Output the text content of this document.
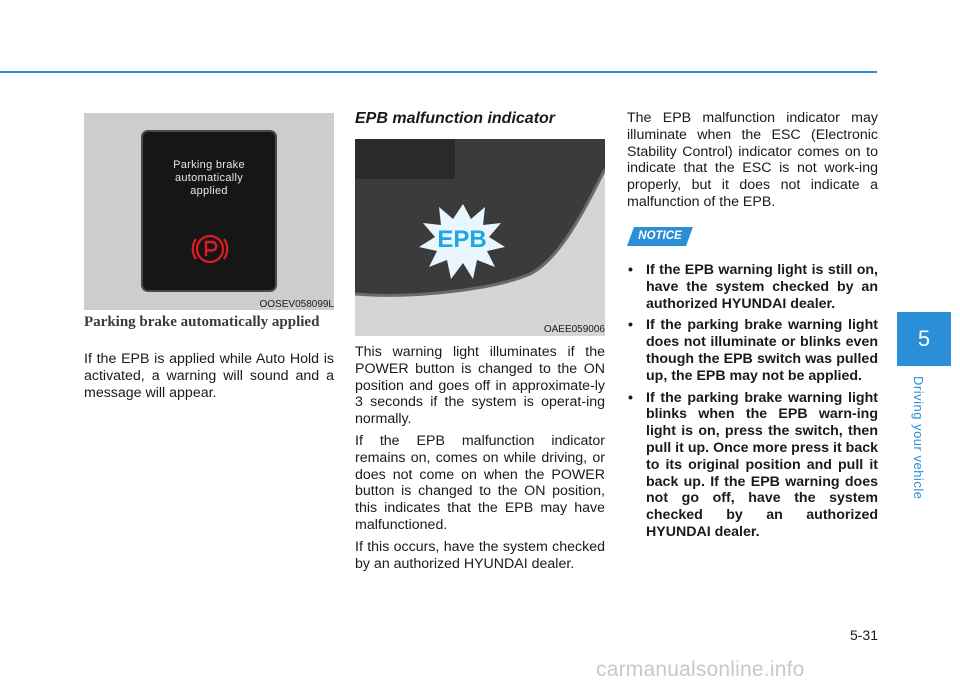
Parking brake
automatically
applied
OOSEV058099L
Parking brake automatically applied

If the EPB is applied while Auto Hold is activated, a warning will sound and a message will appear.

EPB malfunction indicator
EPB
OAEE059006

This warning light illuminates if the POWER button is changed to the ON position and goes off in approximate-ly 3 seconds if the system is operat-ing normally.

If the EPB malfunction indicator remains on, comes on while driving, or does not come on when the POWER button is changed to the ON position, this indicates that the EPB may have malfunctioned.

If this occurs, have the system checked by an authorized HYUNDAI dealer.

The EPB malfunction indicator may illuminate when the ESC (Electronic Stability Control) indicator comes on to indicate that the ESC is not work-ing properly, but it does not indicate a malfunction of the EPB.

NOTICE
• If the EPB warning light is still on, have the system checked by an authorized HYUNDAI dealer.
• If the parking brake warning light does not illuminate or blinks even though the EPB switch was pulled up, the EPB may not be applied.
• If the parking brake warning light blinks when the EPB warn-ing light is on, press the switch, then pull it up. Once more press it back to its original position and pull it back up. If the EPB warning does not go off, have the system checked by an authorized HYUNDAI dealer.
5
Driving your vehicle
5-31
carmanualsonline.info
